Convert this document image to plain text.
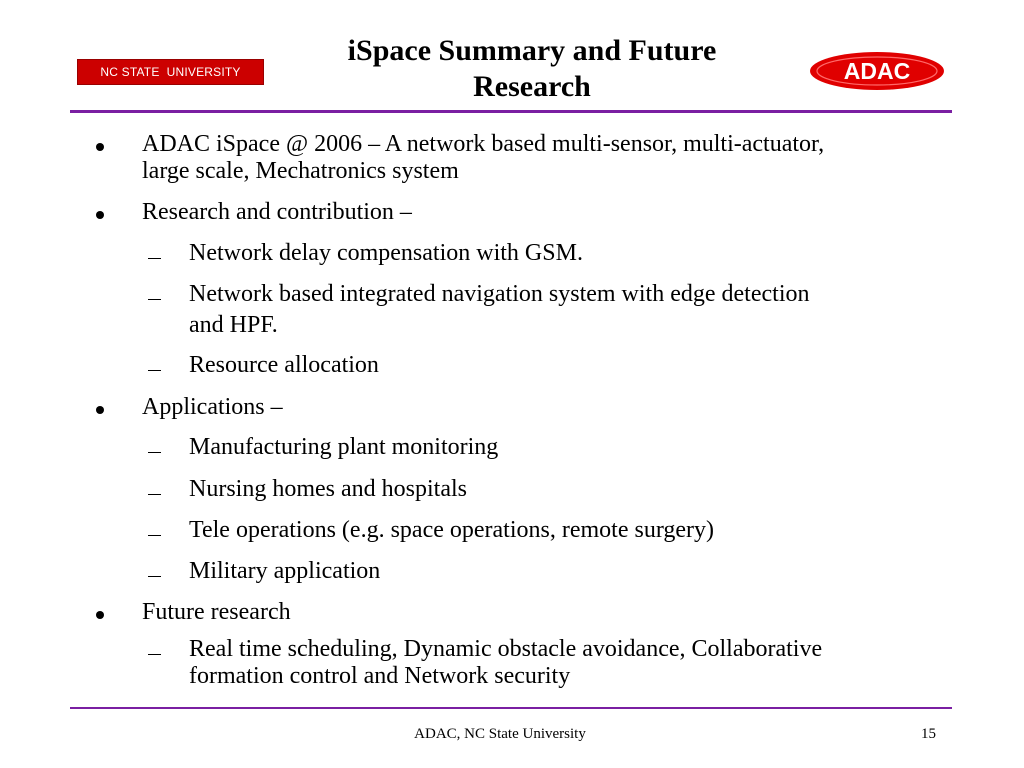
NC STATE  UNIVERSITY	ADAC
iSpace Summary and Future
Research
ADAC iSpace @ 2006 – A network based multi-sensor, multi-actuator,
large scale, Mechatronics system
Research and contribution –
Network delay compensation with GSM.
Network based integrated navigation system with edge detection
and HPF.
Resource allocation
Applications –
Manufacturing plant monitoring
Nursing homes and hospitals
Tele operations (e.g. space operations, remote surgery)
Military application
Future research
Real time scheduling, Dynamic obstacle avoidance, Collaborative
formation control and Network security
ADAC, NC State University	15
